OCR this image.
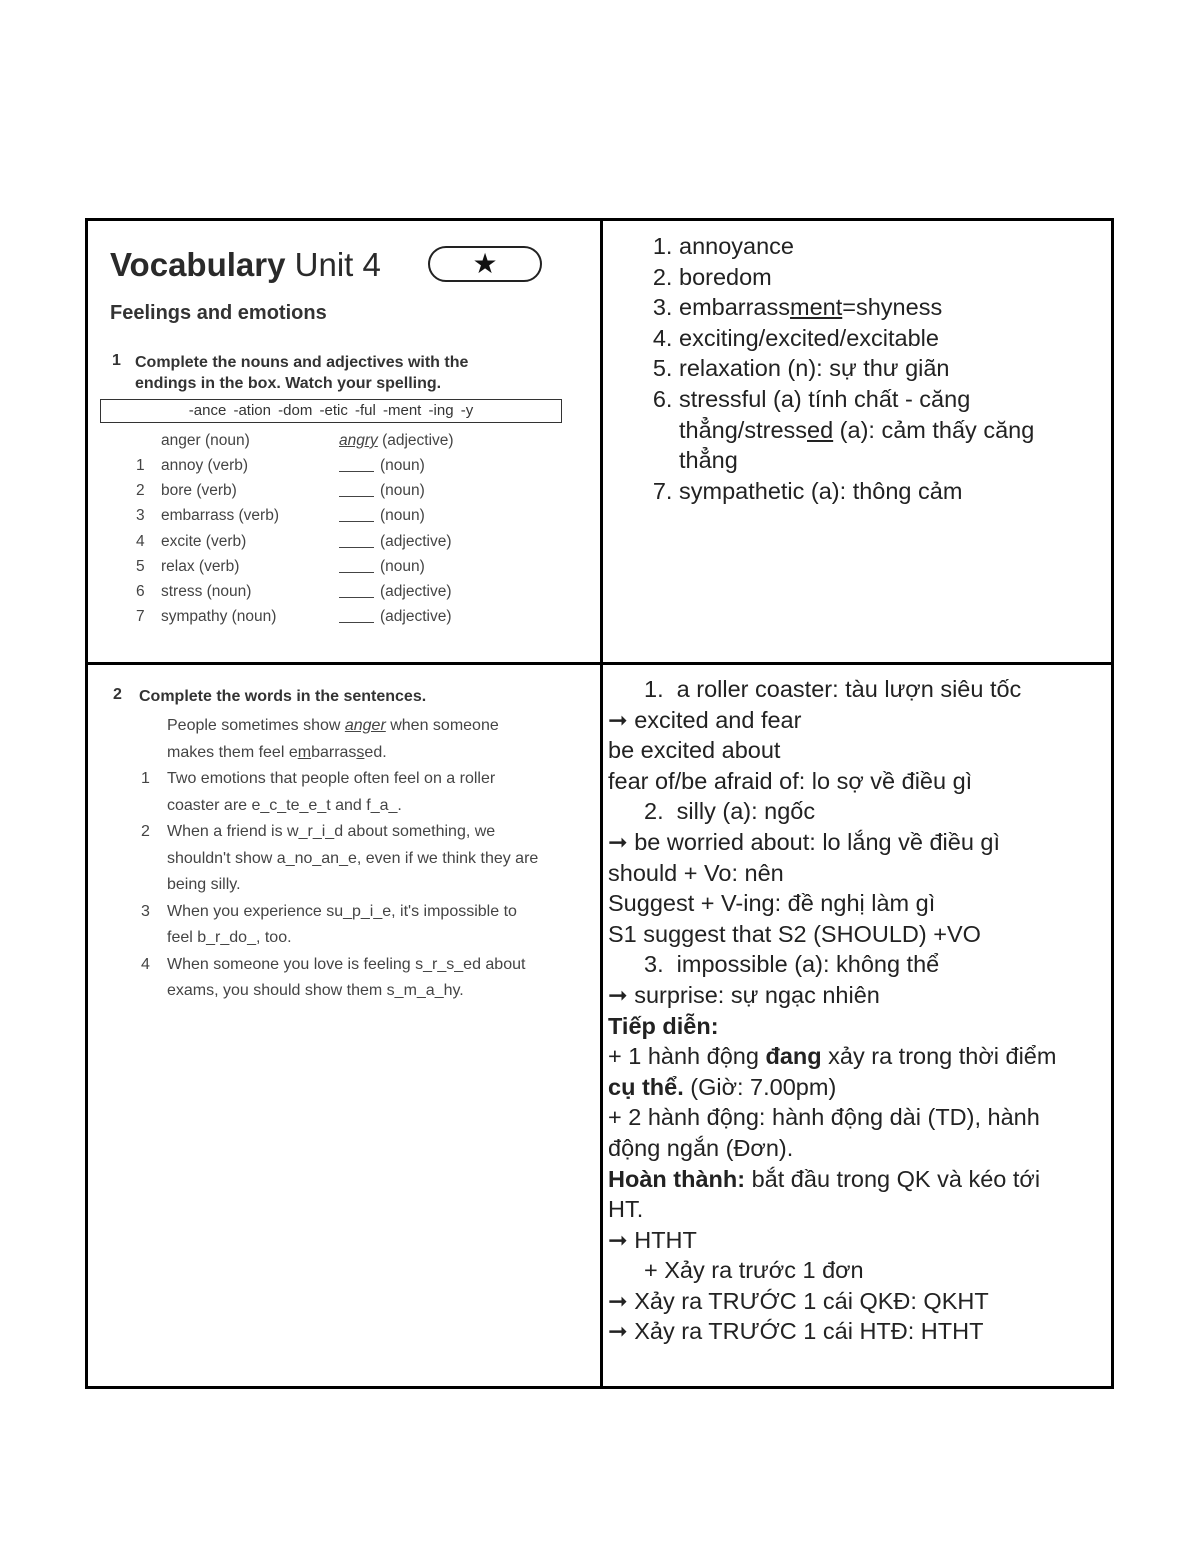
Vocabulary Unit 4	★
Feelings and emotions
1 Complete the nouns and adjectives with the
endings in the box. Watch your spelling.
-ance -ation -dom -etic -ful -ment -ing -y
anger (noun)	angry (adjective)
1 annoy (verb)	(noun)
2 bore (verb)	(noun)
3 embarrass (verb)	(noun)
4 excite (verb)	(adjective)
5 relax (verb)	(noun)
6 stress (noun)	(adjective)
7 sympathy (noun)	(adjective)
1. annoyance
2. boredom
3. embarrassment=shyness
4. exciting/excited/excitable
5. relaxation (n): sự thư giãn
6. stressful (a) tính chất - căng thẳng/stressed (a): cảm thấy căng thẳng
7. sympathetic (a): thông cảm
2 Complete the words in the sentences.
People sometimes show anger when someone
makes them feel embarrassed.
1 Two emotions that people often feel on a roller
coaster are e_c_te_e_t and f_a_.
2 When a friend is w_r_i_d about something, we
shouldn't show a_no_an_e, even if we think they are
being silly.
3 When you experience su_p_i_e, it's impossible to
feel b_r_do_, too.
4 When someone you love is feeling s_r_s_ed about
exams, you should show them s_m_a_hy.
1. a roller coaster: tàu lượn siêu tốc
➞ excited and fear
be excited about
fear of/be afraid of: lo sợ về điều gì
2. silly (a): ngốc
➞ be worried about: lo lắng về điều gì
should + Vo: nên
Suggest + V-ing: đề nghị làm gì
S1 suggest that S2 (SHOULD) +VO
3. impossible (a): không thể
➞ surprise: sự ngạc nhiên
Tiếp diễn:
+ 1 hành động đang xảy ra trong thời điểm
cụ thể. (Giờ: 7.00pm)
+ 2 hành động: hành động dài (TD), hành
động ngắn (Đơn).
Hoàn thành: bắt đầu trong QK và kéo tới
HT.
➞ HTHT
+ Xảy ra trước 1 đơn
➞ Xảy ra TRƯỚC 1 cái QKĐ: QKHT
➞ Xảy ra TRƯỚC 1 cái HTĐ: HTHT
